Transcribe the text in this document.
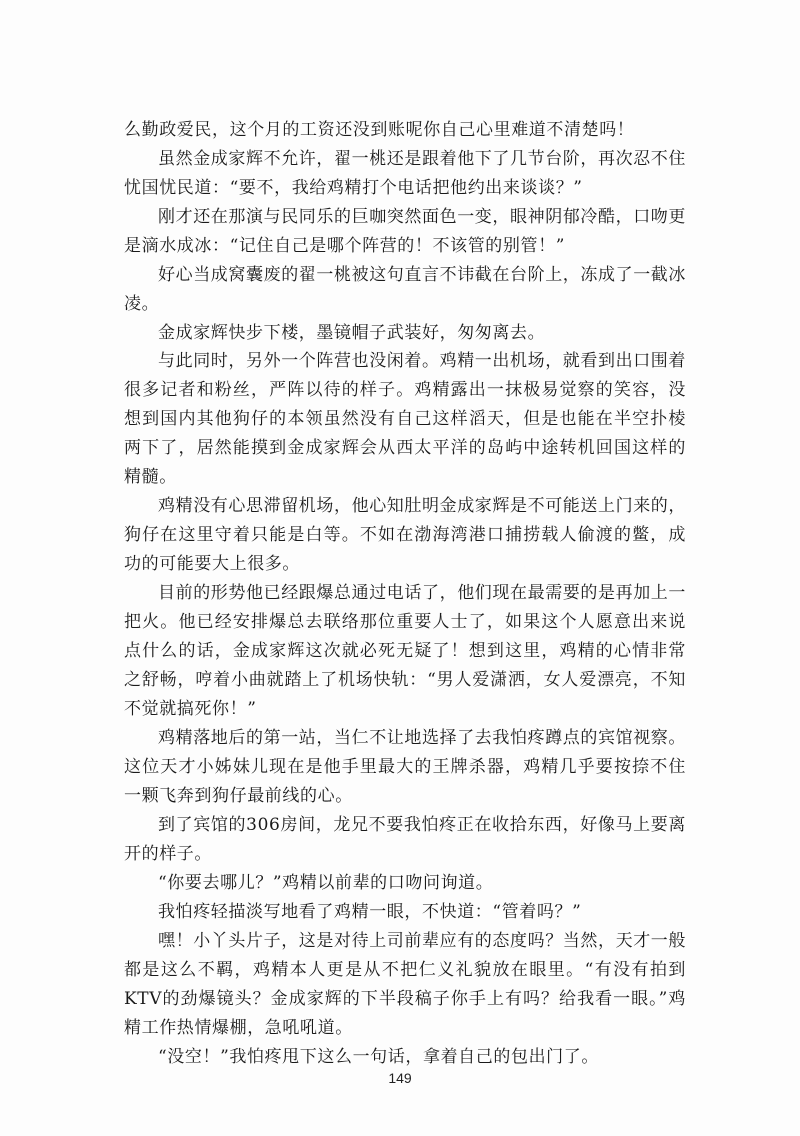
么勤政爱民，这个月的工资还没到账呢你自己心里难道不清楚吗！

虽然金成家辉不允许，翟一桃还是跟着他下了几节台阶，再次忍不住忧国忧民道：“要不，我给鸡精打个电话把他约出来谈谈？”

刚才还在那演与民同乐的巨咖突然面色一变，眼神阴郁冷酷，口吻更是滴水成冰：“记住自己是哪个阵营的！不该管的别管！”

好心当成窝囊废的翟一桃被这句直言不讳截在台阶上，冻成了一截冰凌。

金成家辉快步下楼，墨镜帽子武装好，匆匆离去。

与此同时，另外一个阵营也没闲着。鸡精一出机场，就看到出口围着很多记者和粉丝，严阵以待的样子。鸡精露出一抹极易觉察的笑容，没想到国内其他狗仔的本领虽然没有自己这样滔天，但是也能在半空扑棱两下了，居然能摸到金成家辉会从西太平洋的岛屿中途转机回国这样的精髓。

鸡精没有心思滞留机场，他心知肚明金成家辉是不可能送上门来的，狗仔在这里守着只能是白等。不如在渤海湾港口捕捞载人偷渡的鳖，成功的可能要大上很多。

目前的形势他已经跟爆总通过电话了，他们现在最需要的是再加上一把火。他已经安排爆总去联络那位重要人士了，如果这个人愿意出来说点什么的话，金成家辉这次就必死无疑了！想到这里，鸡精的心情非常之舒畅，哼着小曲就踏上了机场快轨：“男人爱潇洒，女人爱漂亮，不知不觉就搞死你！”

鸡精落地后的第一站，当仁不让地选择了去我怕疼蹲点的宾馆视察。这位天才小姊妹儿现在是他手里最大的王牌杀器，鸡精几乎要按捺不住一颗飞奔到狗仔最前线的心。

到了宾馆的306房间，龙兄不要我怕疼正在收拾东西，好像马上要离开的样子。

“你要去哪儿？”鸡精以前辈的口吻问询道。

我怕疼轻描淡写地看了鸡精一眼，不快道：“管着吗？”

嘿！小丫头片子，这是对待上司前辈应有的态度吗？当然，天才一般都是这么不羁，鸡精本人更是从不把仁义礼貌放在眼里。“有没有拍到KTV的劲爆镜头？金成家辉的下半段稿子你手上有吗？给我看一眼。”鸡精工作热情爆棚，急吼吼道。

“没空！”我怕疼甩下这么一句话，拿着自己的包出门了。

149
